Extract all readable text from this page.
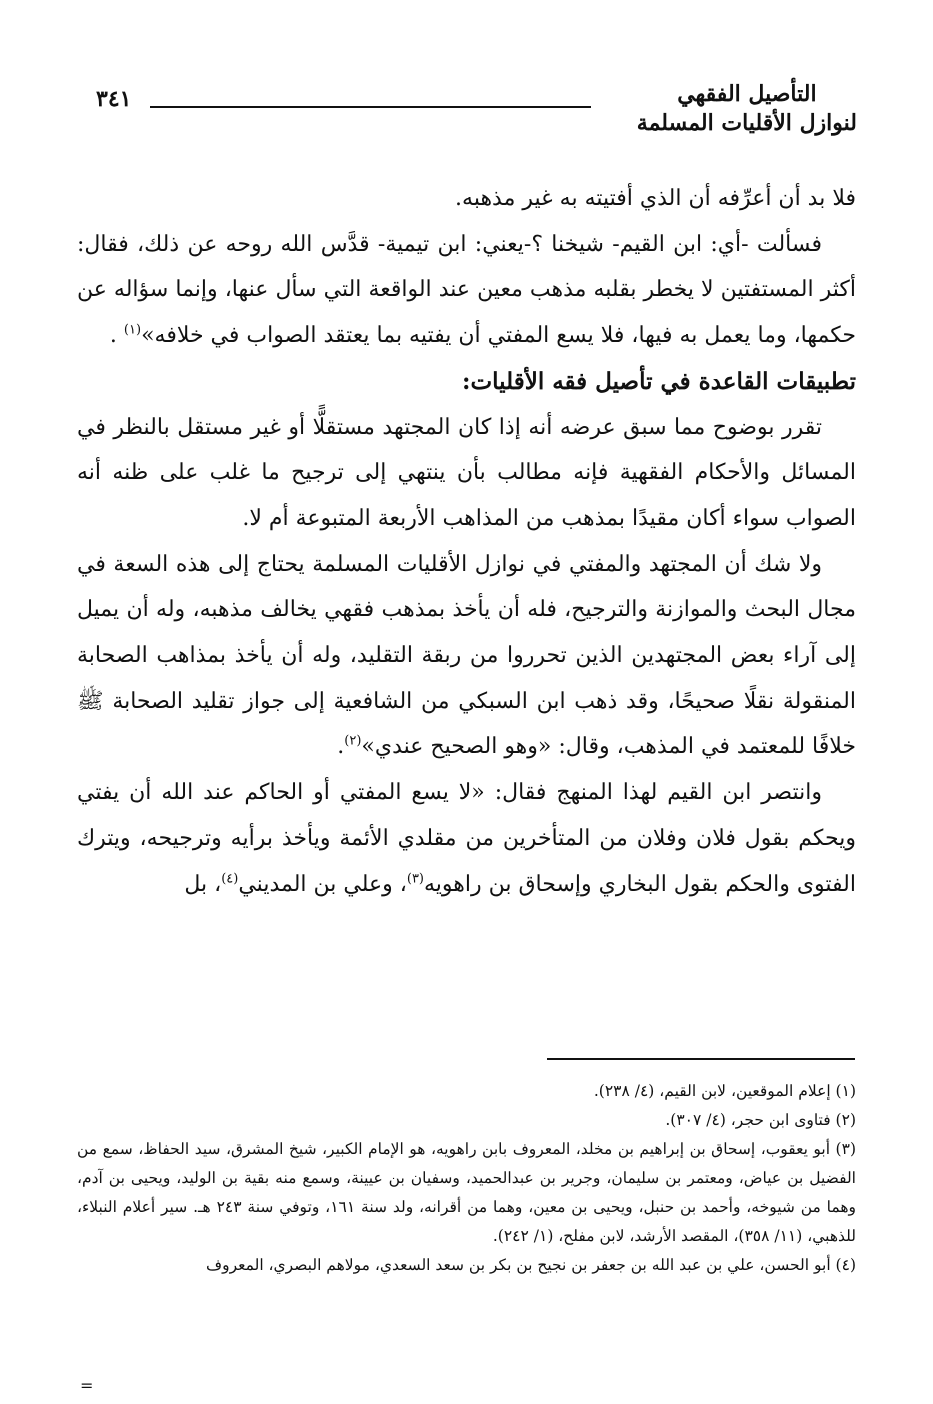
التأصيل الفقهي
لنوازل الأقليات المسلمة
٣٤١

فلا بد أن أعرِّفه أن الذي أفتيته به غير مذهبه.

فسألت -أي: ابن القيم- شيخنا ؟-يعني: ابن تيمية- قدَّس الله روحه عن ذلك، فقال: أكثر المستفتين لا يخطر بقلبه مذهب معين عند الواقعة التي سأل عنها، وإنما سؤاله عن حكمها، وما يعمل به فيها، فلا يسع المفتي أن يفتيه بما يعتقد الصواب في خلافه»$^{(١)}$ .

تطبيقات القاعدة في تأصيل فقه الأقليات:

تقرر بوضوح مما سبق عرضه أنه إذا كان المجتهد مستقلًّا أو غير مستقل بالنظر في المسائل والأحكام الفقهية فإنه مطالب بأن ينتهي إلى ترجيح ما غلب على ظنه أنه الصواب سواء أكان مقيدًا بمذهب من المذاهب الأربعة المتبوعة أم لا.

ولا شك أن المجتهد والمفتي في نوازل الأقليات المسلمة يحتاج إلى هذه السعة في مجال البحث والموازنة والترجيح، فله أن يأخذ بمذهب فقهي يخالف مذهبه، وله أن يميل إلى آراء بعض المجتهدين الذين تحرروا من ربقة التقليد، وله أن يأخذ بمذاهب الصحابة المنقولة نقلًا صحيحًا، وقد ذهب ابن السبكي من الشافعية إلى جواز تقليد الصحابة ﷺ خلافًا للمعتمد في المذهب، وقال: «وهو الصحيح عندي»$^{(٢)}$.

وانتصر ابن القيم لهذا المنهج فقال: «لا يسع المفتي أو الحاكم عند الله أن يفتي ويحكم بقول فلان وفلان من المتأخرين من مقلدي الأئمة ويأخذ برأيه وترجيحه، ويترك الفتوى والحكم بقول البخاري وإسحاق بن راهويه$^{(٣)}$، وعلي بن المديني$^{(٤)}$، بل

(١) إعلام الموقعين، لابن القيم، (٤/ ٢٣٨).

(٢) فتاوى ابن حجر، (٤/ ٣٠٧).

(٣) أبو يعقوب، إسحاق بن إبراهيم بن مخلد، المعروف بابن راهويه، هو الإمام الكبير، شيخ المشرق، سيد الحفاظ، سمع من الفضيل بن عياض، ومعتمر بن سليمان، وجرير بن عبدالحميد، وسفيان بن عيينة، وسمع منه بقية بن الوليد، ويحيى بن آدم، وهما من شيوخه، وأحمد بن حنبل، ويحيى بن معين، وهما من أقرانه، ولد سنة ١٦١، وتوفي سنة ٢٤٣ هـ. سير أعلام النبلاء، للذهبي، (١١/ ٣٥٨)، المقصد الأرشد، لابن مفلح، (١/ ٢٤٢).

(٤) أبو الحسن، علي بن عبد الله بن جعفر بن نجيح بن بكر بن سعد السعدي، مولاهم البصري، المعروف

=
